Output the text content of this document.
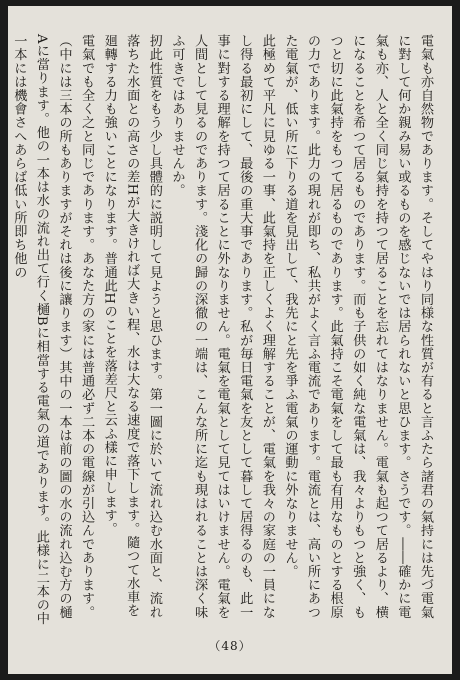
電氣も亦自然物であります。そしてやはり同様な性質が有ると言ふたら諸君の氣持には先づ電氣に對して何か親み易い或るものを感じないでは居られないと思ひます。さうです。――確かに電氣も亦、人と全く同じ氣持を持つて居ることを忘れてはなりません。電氣も起つて居るより、横になることを希つて居るものであります。而も子供の如く純な電氣は、我々よりもつと強く、もつと切に此氣持をもつて居るものであります。此氣持こそ電氣をして最も有用なものとする根原の力であります。此力の現れが即ち、私共がよく言ふ電流であります。電流とは、高い所にあつた電氣が、低い所に下りる道を見出して、我先にと先を爭ふ電氣の運動に外なりません。

此極めて平凡に見ゆる一事、此氣持を正しくよく理解することが、電氣を我々の家庭の一員になし得る最初にして、最後の重大事であります。私が毎日電氣を友として暮して居得るのも、此一事に對する理解を持つて居ることに外なりません。電氣を電氣として見てはいけません。電氣を人間として見るのであります。淺化の歸の深徹の一端は、こんな所に迄も現はれることは深く味ふ可きではありませんか。

扨此性質をもう少し具體的に説明して見ようと思ひます。第一圖に於いて流れ込む水面と、流れ落ちた水面との高さの差Hが大きければ大きい程、水は大なる速度で落下します。隨つて水車を廻轉する力も強いことになります。普通此Hのことを落差尺と云ふ樣に申します。

電氣でも全く之と同じであります。あなた方の家には普通必ず二本の電線が引込んであります。（中には三本の所もありますがそれは後に讓ります）其中の一本は前の圖の水の流れ込む方の樋Aに當ります。他の一本は水の流れ出て行く樋Bに相當する電氣の道であります。此様に二本の中一本には機會さへあらば低い所即ち他の

（48）
